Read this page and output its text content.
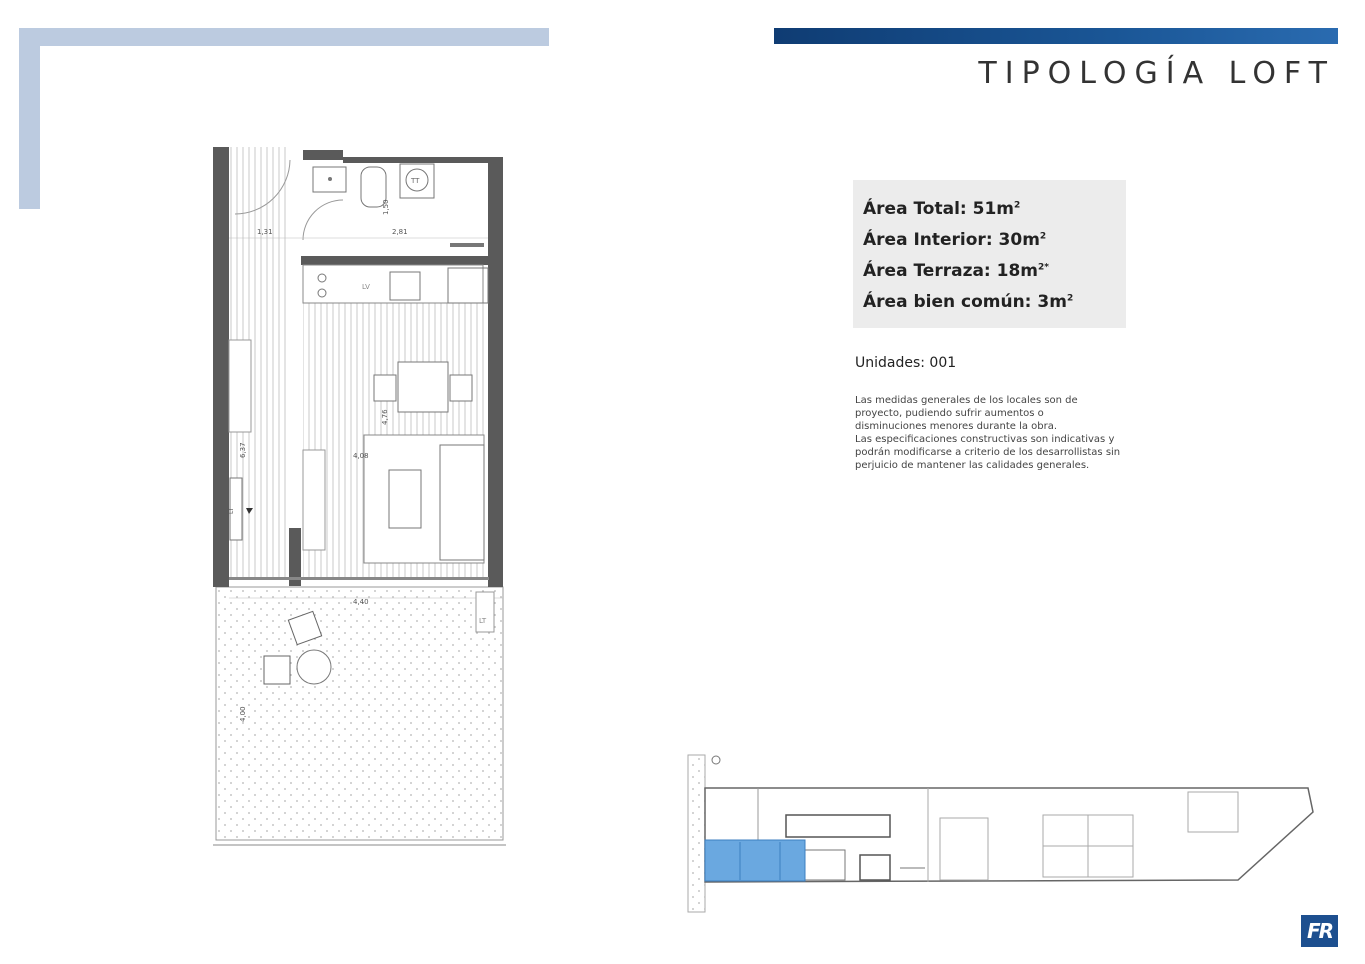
TIPOLOGÍA LOFT
Área Total: $51m^2$
Área Interior: $30m^2$
Área Terraza: $18m^{2*}$
Área bien común: $3m^2$
Unidades: 001
Las medidas generales de los locales son de
proyecto, pudiendo sufrir aumentos o
disminuciones menores durante la obra.
Las especificaciones constructivas son indicativas y
podrán modificarse a criterio de los desarrollistas sin
perjuicio de mantener las calidades generales.
TT
LV
1,31	2,81
1,50
6,37	4,08
4,76
4,40
4,00
LT
LT
FR
